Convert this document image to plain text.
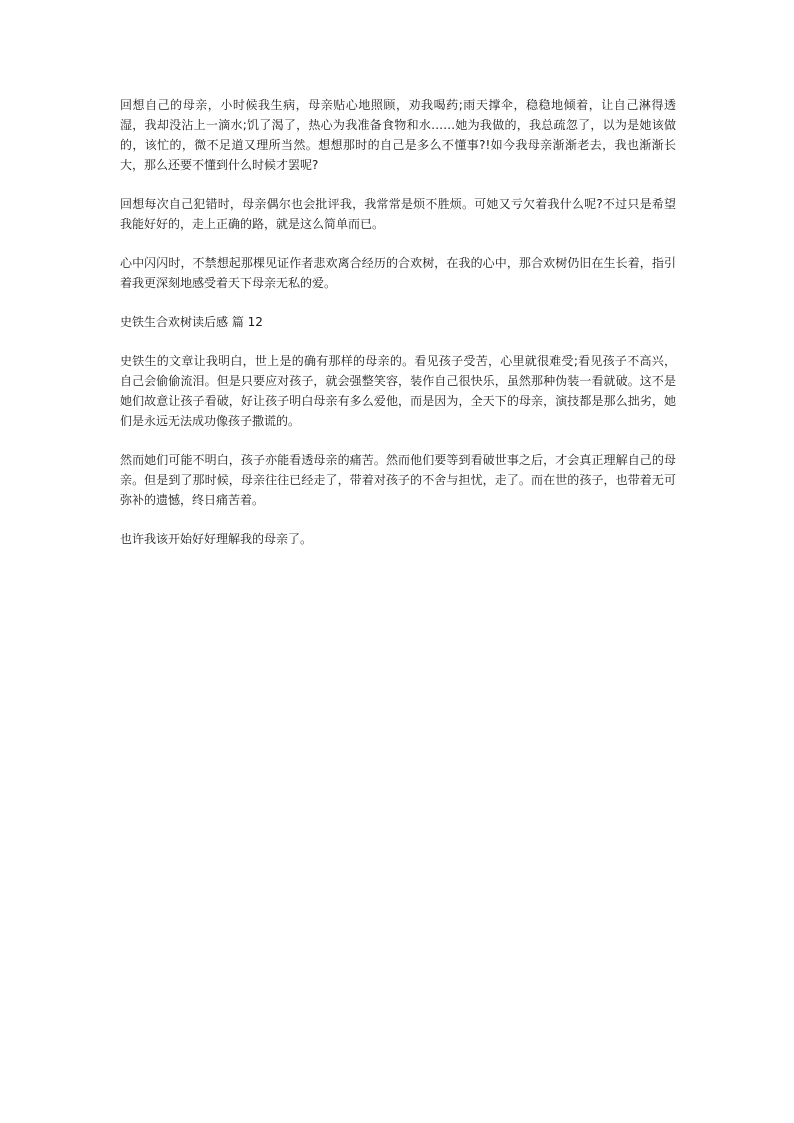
回想自己的母亲，小时候我生病，母亲贴心地照顾，劝我喝药;雨天撑伞，稳稳地倾着，让自己淋得透湿，我却没沾上一滴水;饥了渴了，热心为我准备食物和水……她为我做的，我总疏忽了，以为是她该做的，该忙的，微不足道又理所当然。想想那时的自己是多么不懂事?!如今我母亲渐渐老去，我也渐渐长大，那么还要不懂到什么时候才罢呢?

回想每次自己犯错时，母亲偶尔也会批评我，我常常是烦不胜烦。可她又亏欠着我什么呢?不过只是希望我能好好的，走上正确的路，就是这么简单而已。

心中闪闪时，不禁想起那棵见证作者悲欢离合经历的合欢树，在我的心中，那合欢树仍旧在生长着，指引着我更深刻地感受着天下母亲无私的爱。

史铁生合欢树读后感 篇 12

史铁生的文章让我明白，世上是的确有那样的母亲的。看见孩子受苦，心里就很难受;看见孩子不高兴，自己会偷偷流泪。但是只要应对孩子，就会强整笑容，装作自己很快乐，虽然那种伪装一看就破。这不是她们故意让孩子看破，好让孩子明白母亲有多么爱他，而是因为，全天下的母亲，演技都是那么拙劣，她们是永远无法成功像孩子撒谎的。

然而她们可能不明白，孩子亦能看透母亲的痛苦。然而他们要等到看破世事之后，才会真正理解自己的母亲。但是到了那时候，母亲往往已经走了，带着对孩子的不舍与担忧，走了。而在世的孩子，也带着无可弥补的遗憾，终日痛苦着。

也许我该开始好好理解我的母亲了。
